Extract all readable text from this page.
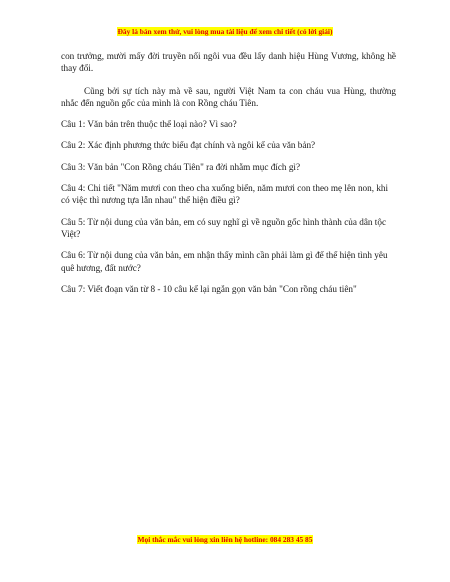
Đây là bản xem thử, vui lòng mua tài liệu để xem chi tiết (có lời giải)

con trưởng, mười mấy đời truyền nối ngôi vua đều lấy danh hiệu Hùng Vương, không hề thay đổi.

Cũng bởi sự tích này mà về sau, người Việt Nam ta con cháu vua Hùng, thường nhắc đến nguồn gốc của mình là con Rồng cháu Tiên.

Câu 1: Văn bản trên thuộc thể loại nào? Vì sao?

Câu 2: Xác định phương thức biểu đạt chính và ngôi kể của văn bản?

Câu 3: Văn bản "Con Rồng cháu Tiên" ra đời nhằm mục đích gì?

Câu 4: Chi tiết "Năm mươi con theo cha xuống biển, năm mươi con theo mẹ lên non, khi có việc thì nương tựa lẫn nhau" thể hiện điều gì?

Câu 5: Từ nội dung của văn bản, em có suy nghĩ gì về nguồn gốc hình thành của dân tộc Việt?

Câu 6: Từ nội dung của văn bản, em nhận thấy mình cần phải làm gì để thể hiện tình yêu quê hương, đất nước?

Câu 7: Viết đoạn văn từ 8 - 10 câu kể lại ngắn gọn văn bản "Con rồng cháu tiên"

Mọi thắc mắc vui lòng xin liên hệ hotline: 084 283 45 85
